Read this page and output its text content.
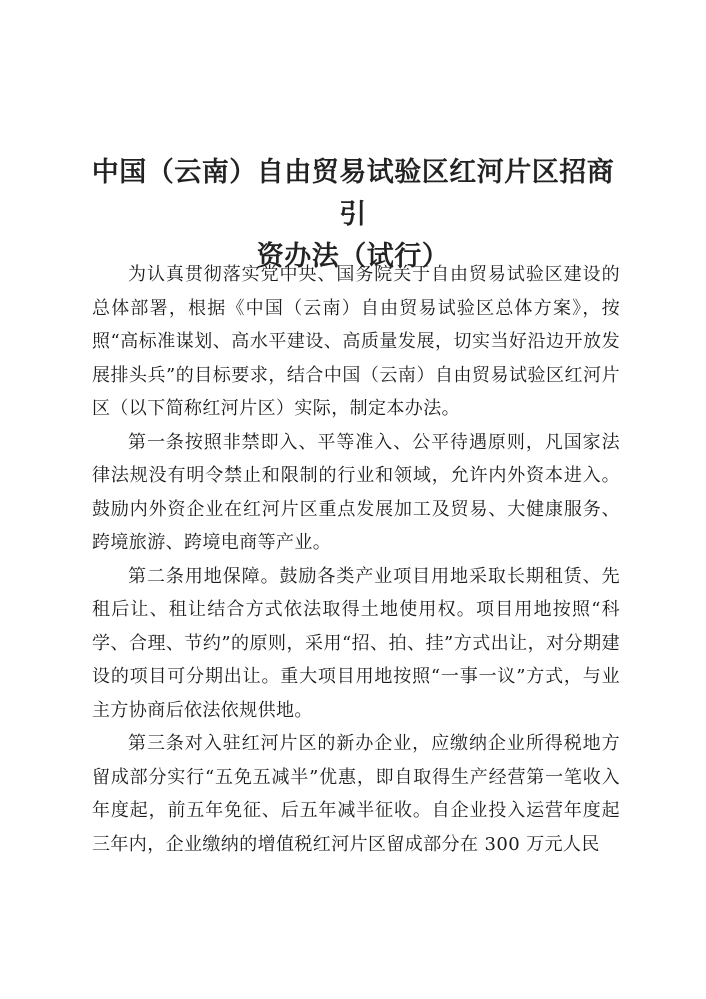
中国（云南）自由贸易试验区红河片区招商引
资办法（试行）

为认真贯彻落实党中央、国务院关于自由贸易试验区建设的总体部署，根据《中国（云南）自由贸易试验区总体方案》，按照“高标准谋划、高水平建设、高质量发展，切实当好沿边开放发展排头兵”的目标要求，结合中国（云南）自由贸易试验区红河片区（以下简称红河片区）实际，制定本办法。

第一条按照非禁即入、平等准入、公平待遇原则，凡国家法律法规没有明令禁止和限制的行业和领域，允许内外资本进入。鼓励内外资企业在红河片区重点发展加工及贸易、大健康服务、跨境旅游、跨境电商等产业。

第二条用地保障。鼓励各类产业项目用地采取长期租赁、先租后让、租让结合方式依法取得土地使用权。项目用地按照“科学、合理、节约”的原则，采用“招、拍、挂”方式出让，对分期建设的项目可分期出让。重大项目用地按照“一事一议”方式，与业主方协商后依法依规供地。

第三条对入驻红河片区的新办企业，应缴纳企业所得税地方留成部分实行“五免五减半”优惠，即自取得生产经营第一笔收入年度起，前五年免征、后五年减半征收。自企业投入运营年度起三年内，企业缴纳的增值税红河片区留成部分在 300 万元人民
